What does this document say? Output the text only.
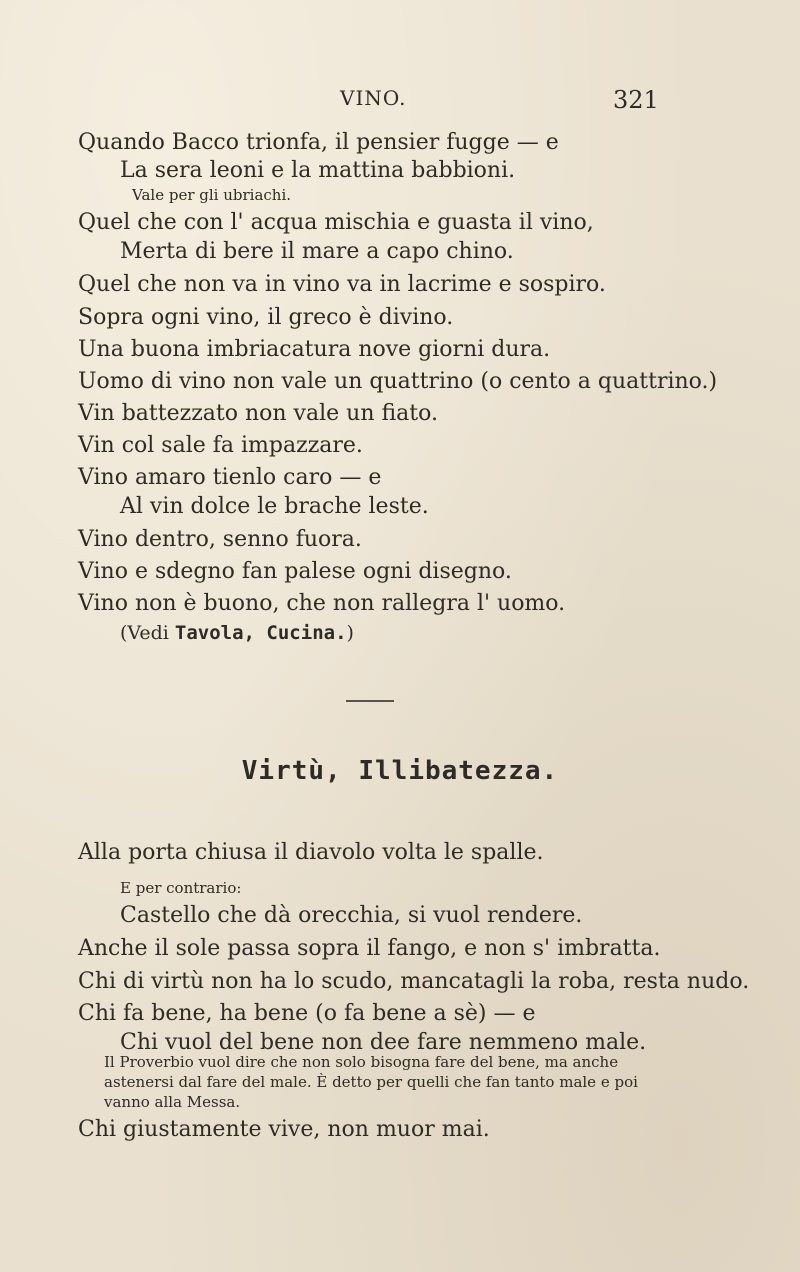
VINO.	321
Quando Bacco trionfa, il pensier fugge — e
La sera leoni e la mattina babbioni.
Vale per gli ubriachi.
Quel che con l' acqua mischia e guasta il vino,
Merta di bere il mare a capo chino.
Quel che non va in vino va in lacrime e sospiro.
Sopra ogni vino, il greco è divino.
Una buona imbriacatura nove giorni dura.
Uomo di vino non vale un quattrino (o cento a quattrino.)
Vin battezzato non vale un fiato.
Vin col sale fa impazzare.
Vino amaro tienlo caro — e
Al vin dolce le brache leste.
Vino dentro, senno fuora.
Vino e sdegno fan palese ogni disegno.
Vino non è buono, che non rallegra l' uomo.
(Vedi Tavola, Cucina.)
Virtù, Illibatezza.
Alla porta chiusa il diavolo volta le spalle.
E per contrario:
Castello che dà orecchia, si vuol rendere.
Anche il sole passa sopra il fango, e non s' imbratta.
Chi di virtù non ha lo scudo, mancatagli la roba, resta nudo.
Chi fa bene, ha bene (o fa bene a sè) — e
Chi vuol del bene non dee fare nemmeno male.
Il Proverbio vuol dire che non solo bisogna fare del bene, ma anche astenersi dal fare del male. È detto per quelli che fan tanto male e poi vanno alla Messa.
Chi giustamente vive, non muor mai.
